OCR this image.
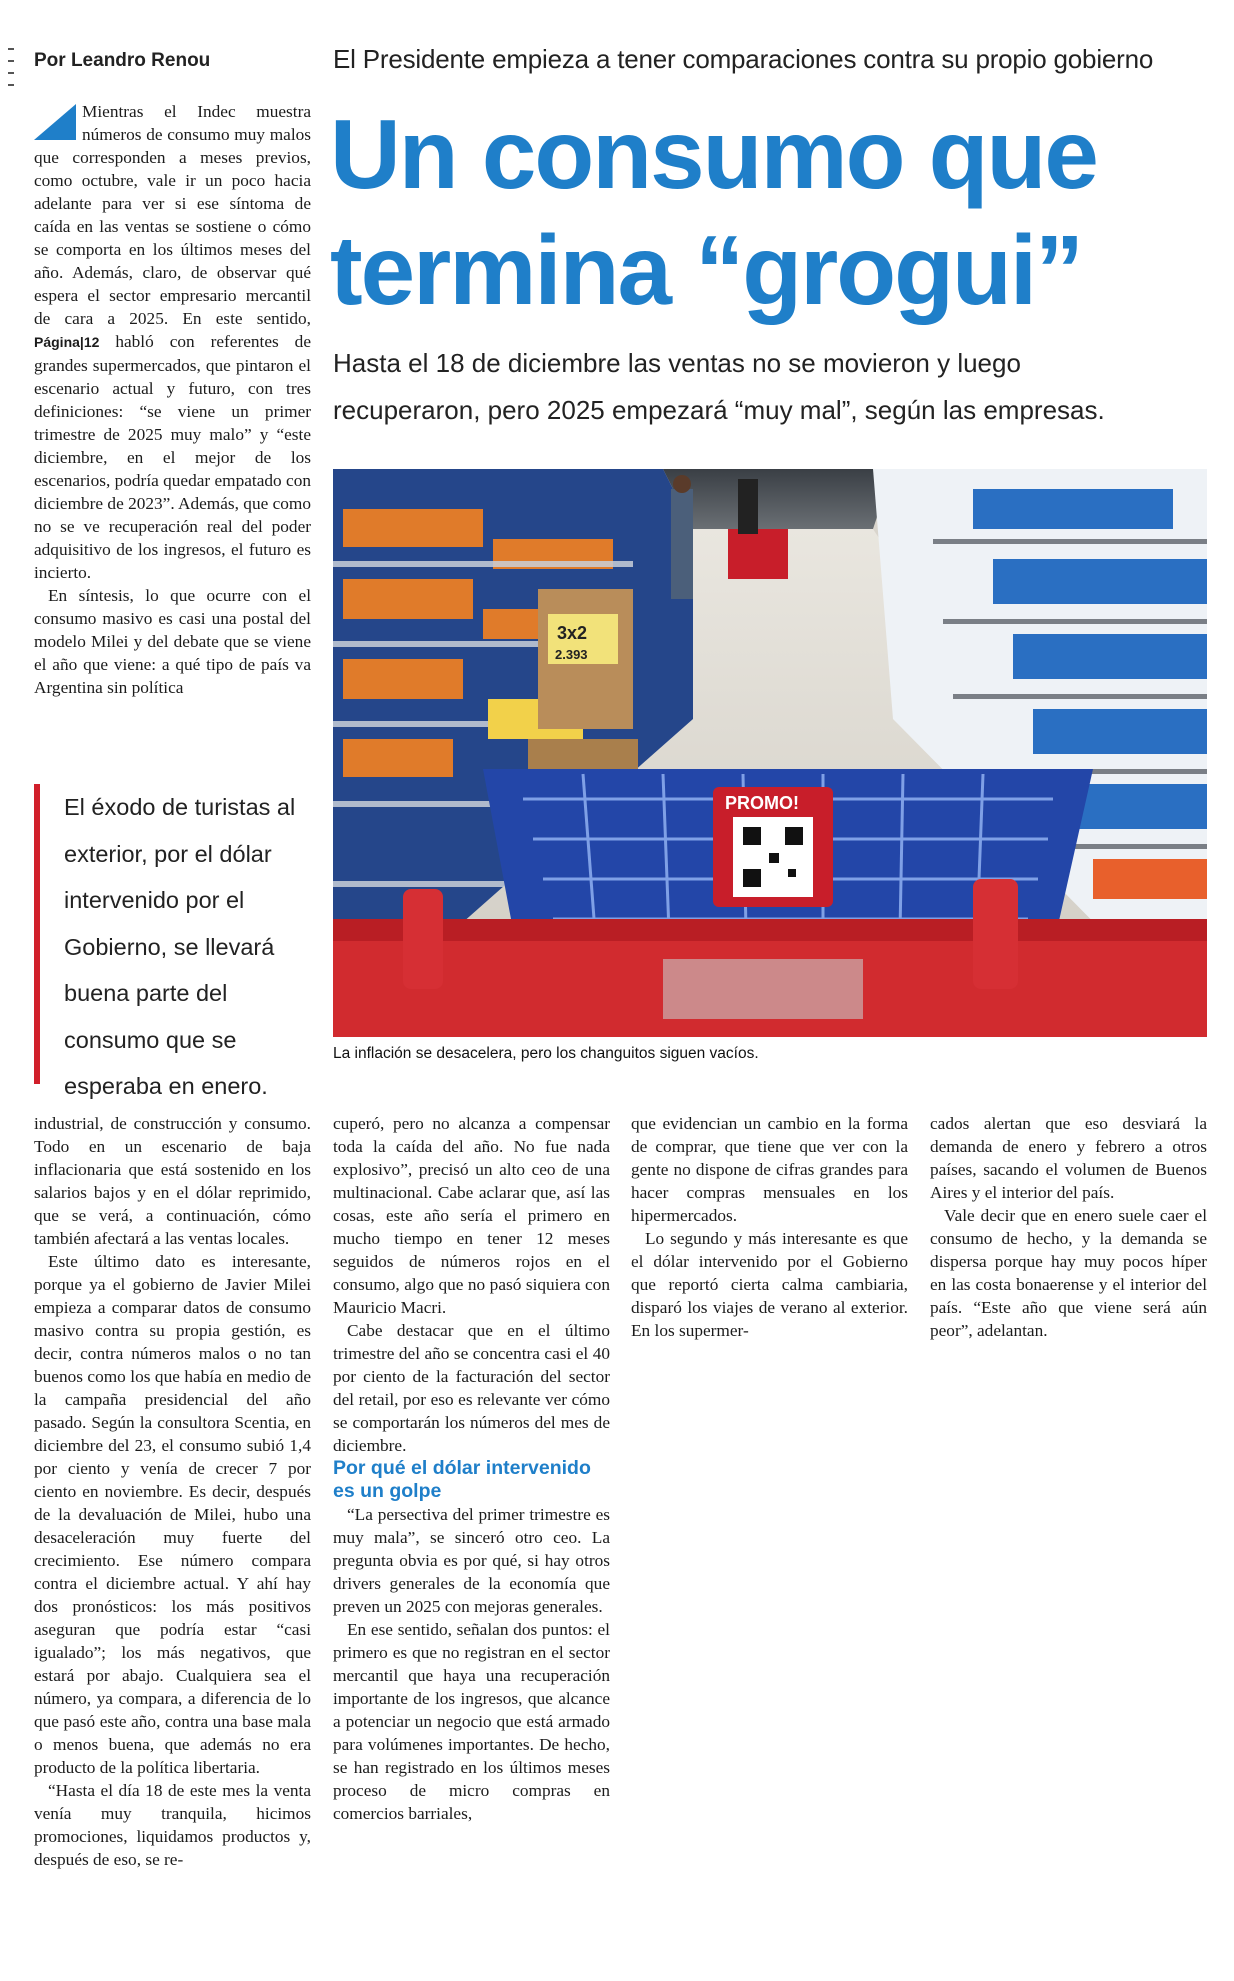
Por Leandro Renou	El Presidente empieza a tener comparaciones contra su propio gobierno
Un consumo que
termina “grogui”
Hasta el 18 de diciembre las ventas no se movieron y luego
recuperaron, pero 2025 empezará “muy mal”, según las empresas.

Mientras el Indec muestra números de consumo muy malos que corresponden a meses previos, como octubre, vale ir un poco hacia adelante para ver si ese síntoma de caída en las ventas se sostiene o cómo se comporta en los últimos meses del año. Además, claro, de observar qué espera el sector empresario mercantil de cara a 2025. En este sentido, Página|12 habló con referentes de grandes supermercados, que pintaron el escenario actual y futuro, con tres definiciones: “se viene un primer trimestre de 2025 muy malo” y “este diciembre, en el mejor de los escenarios, podría quedar empatado con diciembre de 2023”. Además, que como no se ve recuperación real del poder adquisitivo de los ingresos, el futuro es incierto.

En síntesis, lo que ocurre con el consumo masivo es casi una postal del modelo Milei y del debate que se viene el año que viene: a qué tipo de país va Argentina sin política

El éxodo de turistas al exterior, por el dólar intervenido por el Gobierno, se llevará buena parte del consumo que se esperaba en enero.

3x2
2.393
PROMO!
La inflación se desacelera, pero los changuitos siguen vacíos.

industrial, de construcción y consumo. Todo en un escenario de baja inflacionaria que está sostenido en los salarios bajos y en el dólar reprimido, que se verá, a continuación, cómo también afectará a las ventas locales.

Este último dato es interesante, porque ya el gobierno de Javier Milei empieza a comparar datos de consumo masivo contra su propia gestión, es decir, contra números malos o no tan buenos como los que había en medio de la campaña presidencial del año pasado. Según la consultora Scentia, en diciembre del 23, el consumo subió 1,4 por ciento y venía de crecer 7 por ciento en noviembre. Es decir, después de la devaluación de Milei, hubo una desaceleración muy fuerte del crecimiento. Ese número compara contra el diciembre actual. Y ahí hay dos pronósticos: los más positivos aseguran que podría estar “casi igualado”; los más negativos, que estará por abajo. Cualquiera sea el número, ya compara, a diferencia de lo que pasó este año, contra una base mala o menos buena, que además no era producto de la política libertaria.

“Hasta el día 18 de este mes la venta venía muy tranquila, hicimos promociones, liquidamos productos y, después de eso, se re-

cuperó, pero no alcanza a compensar toda la caída del año. No fue nada explosivo”, precisó un alto ceo de una multinacional. Cabe aclarar que, así las cosas, este año sería el primero en mucho tiempo en tener 12 meses seguidos de números rojos en el consumo, algo que no pasó siquiera con Mauricio Macri.

Cabe destacar que en el último trimestre del año se concentra casi el 40 por ciento de la facturación del sector del retail, por eso es relevante ver cómo se comportarán los números del mes de diciembre.

Por qué el dólar intervenido es un golpe

“La persectiva del primer trimestre es muy mala”, se sinceró otro ceo. La pregunta obvia es por qué, si hay otros drivers generales de la economía que preven un 2025 con mejoras generales.

En ese sentido, señalan dos puntos: el primero es que no registran en el sector mercantil que haya una recuperación importante de los ingresos, que alcance a potenciar un negocio que está armado para volúmenes importantes. De hecho, se han registrado en los últimos meses proceso de micro compras en comercios barriales,

que evidencian un cambio en la forma de comprar, que tiene que ver con la gente no dispone de cifras grandes para hacer compras mensuales en los hipermercados.

Lo segundo y más interesante es que el dólar intervenido por el Gobierno que reportó cierta calma cambiaria, disparó los viajes de verano al exterior. En los supermer-

cados alertan que eso desviará la demanda de enero y febrero a otros países, sacando el volumen de Buenos Aires y el interior del país.

Vale decir que en enero suele caer el consumo de hecho, y la demanda se dispersa porque hay muy pocos híper en las costa bonaerense y el interior del país. “Este año que viene será aún peor”, adelantan.
